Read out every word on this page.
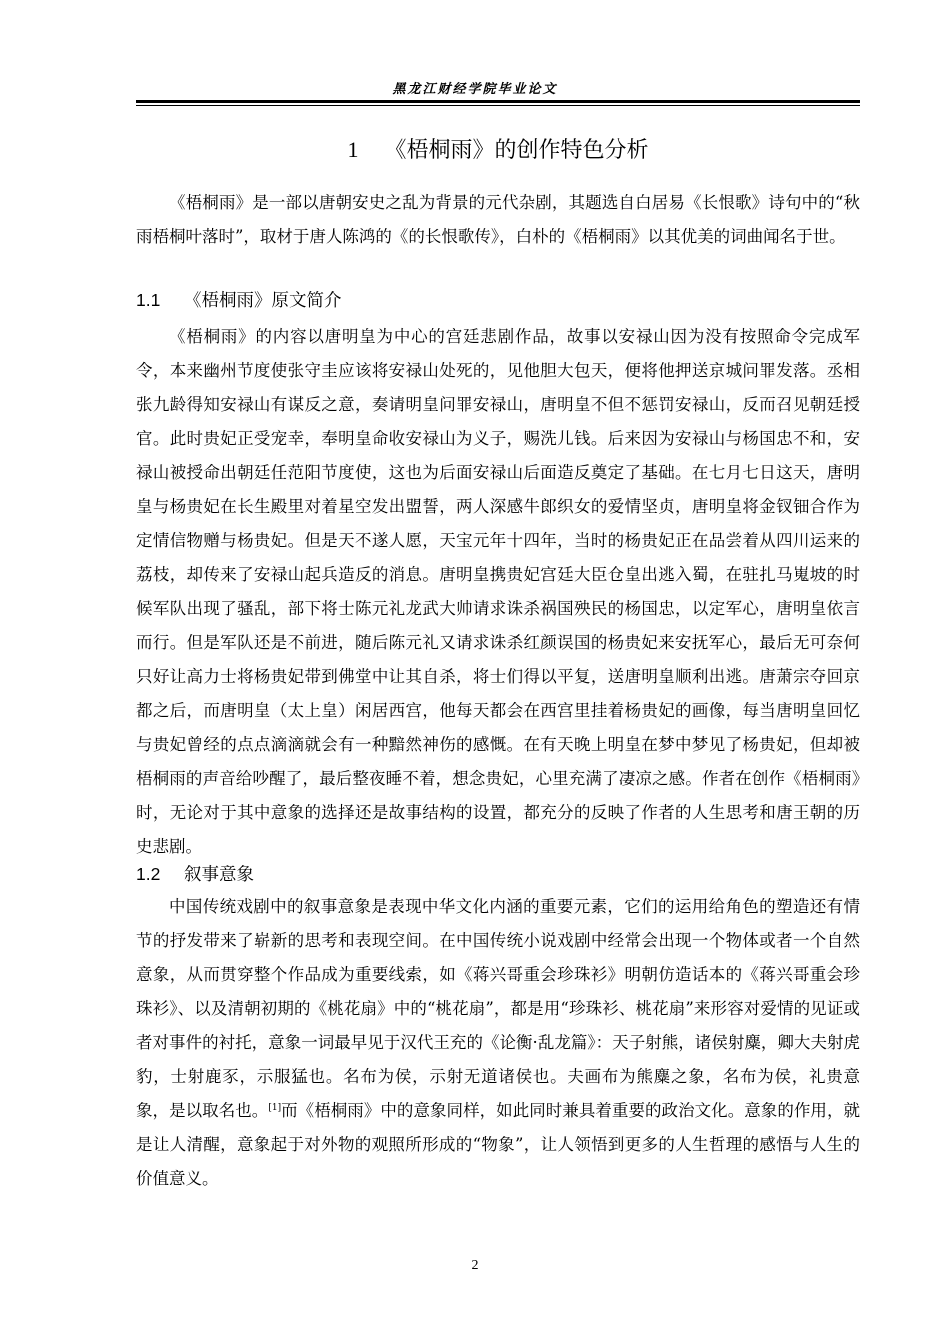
黑龙江财经学院毕业论文
1 《梧桐雨》的创作特色分析

《梧桐雨》是一部以唐朝安史之乱为背景的元代杂剧，其题选自白居易《长恨歌》诗句中的“秋雨梧桐叶落时”，取材于唐人陈鸿的《的长恨歌传》，白朴的《梧桐雨》以其优美的词曲闻名于世。

1.1 《梧桐雨》原文简介

《梧桐雨》的内容以唐明皇为中心的宫廷悲剧作品，故事以安禄山因为没有按照命令完成军令，本来幽州节度使张守圭应该将安禄山处死的，见他胆大包天，便将他押送京城问罪发落。丞相张九龄得知安禄山有谋反之意，奏请明皇问罪安禄山，唐明皇不但不惩罚安禄山，反而召见朝廷授官。此时贵妃正受宠幸，奉明皇命收安禄山为义子，赐洗儿钱。后来因为安禄山与杨国忠不和，安禄山被授命出朝廷任范阳节度使，这也为后面安禄山后面造反奠定了基础。在七月七日这天，唐明皇与杨贵妃在长生殿里对着星空发出盟誓，两人深感牛郎织女的爱情坚贞，唐明皇将金钗钿合作为定情信物赠与杨贵妃。但是天不遂人愿，天宝元年十四年，当时的杨贵妃正在品尝着从四川运来的荔枝，却传来了安禄山起兵造反的消息。唐明皇携贵妃宫廷大臣仓皇出逃入蜀，在驻扎马嵬坡的时候军队出现了骚乱，部下将士陈元礼龙武大帅请求诛杀祸国殃民的杨国忠，以定军心，唐明皇依言而行。但是军队还是不前进，随后陈元礼又请求诛杀红颜误国的杨贵妃来安抚军心，最后无可奈何只好让高力士将杨贵妃带到佛堂中让其自杀，将士们得以平复，送唐明皇顺利出逃。唐萧宗夺回京都之后，而唐明皇（太上皇）闲居西宫，他每天都会在西宫里挂着杨贵妃的画像，每当唐明皇回忆与贵妃曾经的点点滴滴就会有一种黯然神伤的感慨。在有天晚上明皇在梦中梦见了杨贵妃，但却被梧桐雨的声音给吵醒了，最后整夜睡不着，想念贵妃，心里充满了凄凉之感。作者在创作《梧桐雨》时，无论对于其中意象的选择还是故事结构的设置，都充分的反映了作者的人生思考和唐王朝的历史悲剧。

1.2 叙事意象

中国传统戏剧中的叙事意象是表现中华文化内涵的重要元素，它们的运用给角色的塑造还有情节的抒发带来了崭新的思考和表现空间。在中国传统小说戏剧中经常会出现一个物体或者一个自然意象，从而贯穿整个作品成为重要线索，如《蒋兴哥重会珍珠衫》明朝仿造话本的《蒋兴哥重会珍珠衫》、以及清朝初期的《桃花扇》中的“桃花扇”，都是用“珍珠衫、桃花扇”来形容对爱情的见证或者对事件的衬托，意象一词最早见于汉代王充的《论衡·乱龙篇》：天子射熊，诸侯射麋，卿大夫射虎豹，士射鹿豕，示服猛也。名布为侯，示射无道诸侯也。夫画布为熊麋之象，名布为侯，礼贵意象，是以取名也。[1]而《梧桐雨》中的意象同样，如此同时兼具着重要的政治文化。意象的作用，就是让人清醒，意象起于对外物的观照所形成的“物象”，让人领悟到更多的人生哲理的感悟与人生的价值意义。

2
